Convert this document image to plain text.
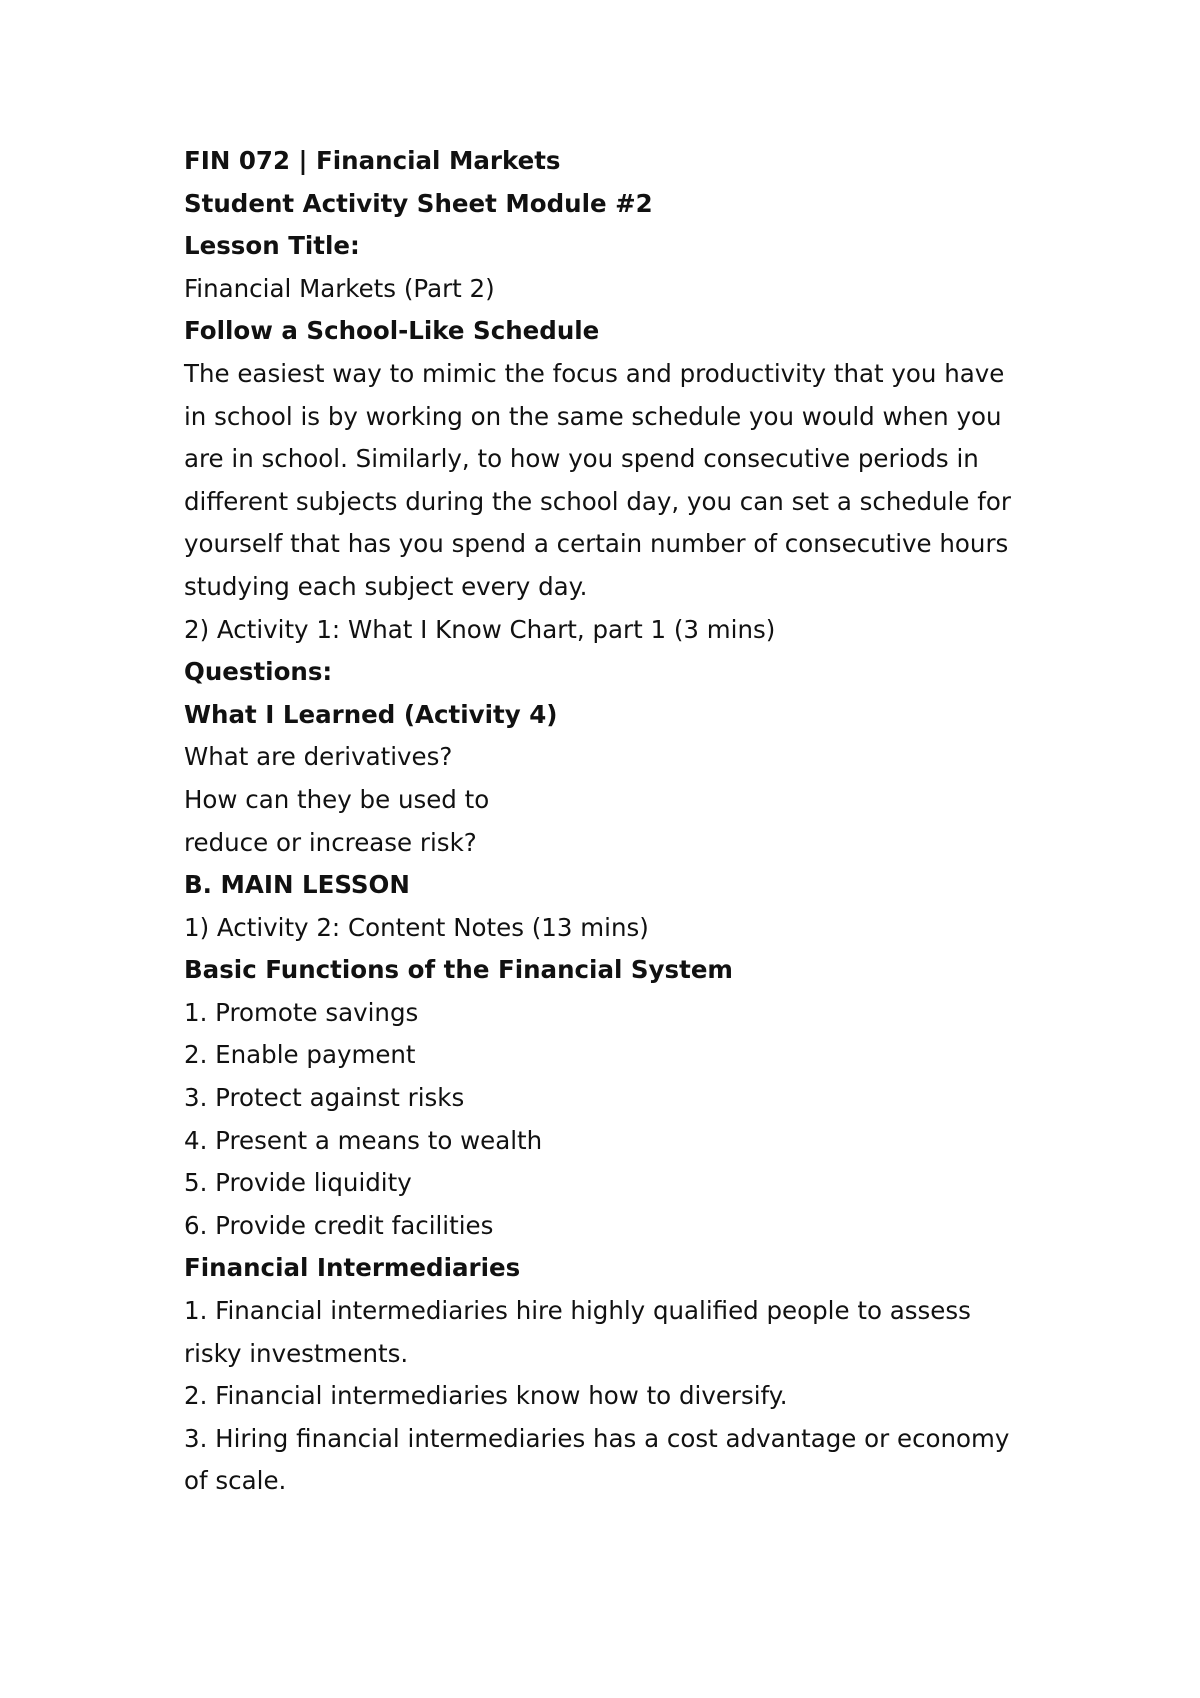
FIN 072 | Financial Markets
Student Activity Sheet Module #2
Lesson Title:
Financial Markets (Part 2)
Follow a School-Like Schedule
The easiest way to mimic the focus and productivity that you have
in school is by working on the same schedule you would when you
are in school. Similarly, to how you spend consecutive periods in
different subjects during the school day, you can set a schedule for
yourself that has you spend a certain number of consecutive hours
studying each subject every day.
2) Activity 1: What I Know Chart, part 1 (3 mins)
Questions:
What I Learned (Activity 4)
What are derivatives?
How can they be used to
reduce or increase risk?
B. MAIN LESSON
1) Activity 2: Content Notes (13 mins)
Basic Functions of the Financial System
1. Promote savings
2. Enable payment
3. Protect against risks
4. Present a means to wealth
5. Provide liquidity
6. Provide credit facilities
Financial Intermediaries
1. Financial intermediaries hire highly qualified people to assess
risky investments.
2. Financial intermediaries know how to diversify.
3. Hiring financial intermediaries has a cost advantage or economy
of scale.
